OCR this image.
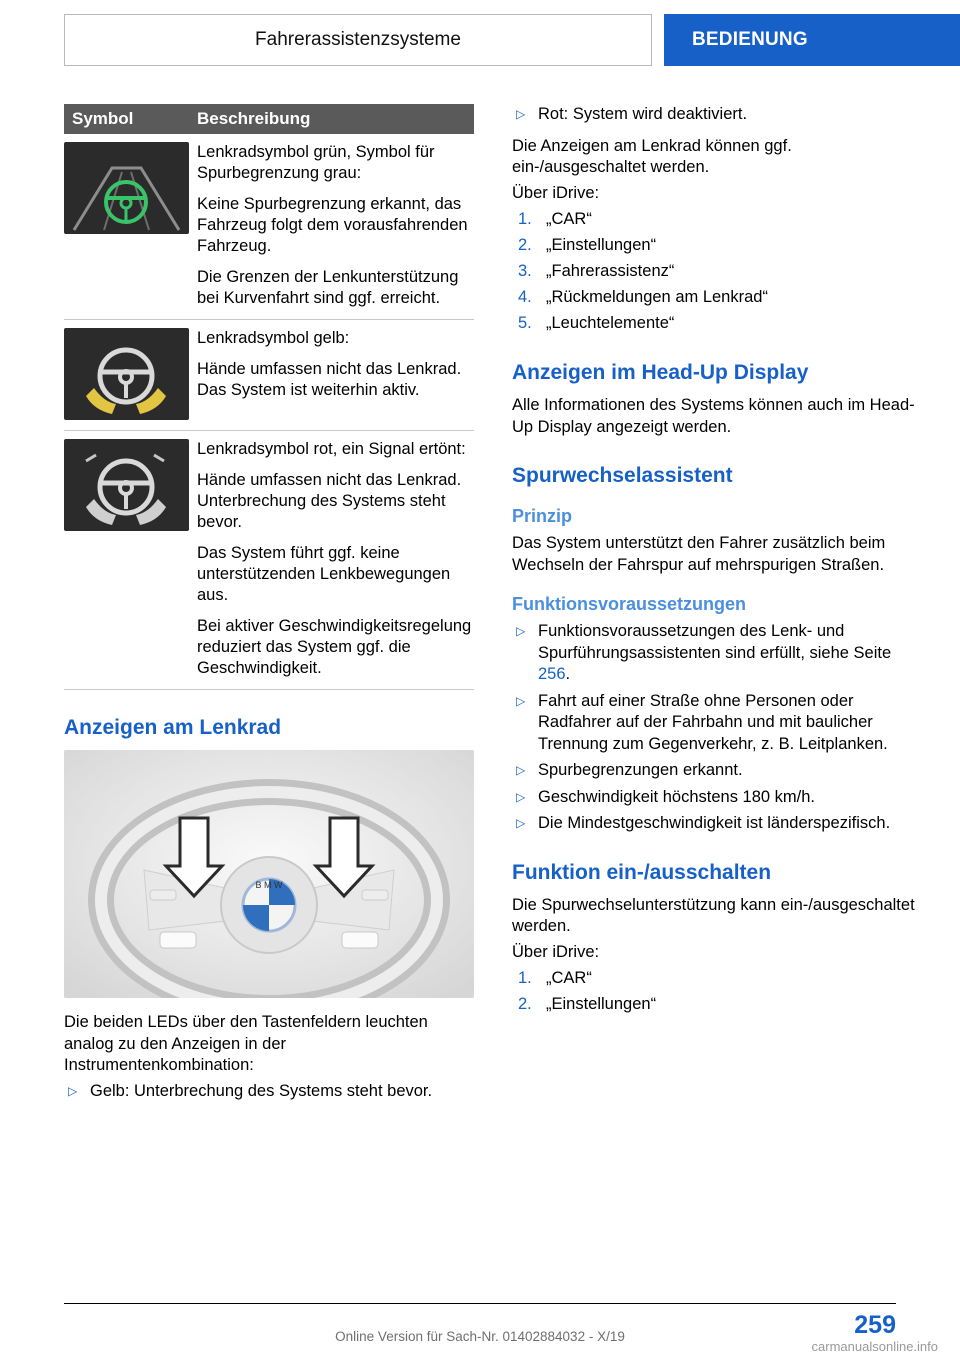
Fahrerassistenzsysteme	BEDIENUNG
Symbol	Beschreibung

Lenkradsymbol grün, Symbol für Spurbegrenzung grau:

Keine Spurbegrenzung erkannt, das Fahrzeug folgt dem vorausfahrenden Fahrzeug.

Die Grenzen der Lenkunterstützung bei Kurvenfahrt sind ggf. erreicht.

Lenkradsymbol gelb:

Hände umfassen nicht das Lenkrad. Das System ist weiterhin aktiv.

Lenkradsymbol rot, ein Signal ertönt:

Hände umfassen nicht das Lenkrad. Unterbrechung des Systems steht bevor.

Das System führt ggf. keine unterstützenden Lenkbewegungen aus.

Bei aktiver Geschwindigkeitsregelung reduziert das System ggf. die Geschwindigkeit.

Anzeigen am Lenkrad
B M W

Die beiden LEDs über den Tastenfeldern leuchten analog zu den Anzeigen in der Instrumentenkombination:

▷ Gelb: Unterbrechung des Systems steht bevor.
▷ Rot: System wird deaktiviert.

Die Anzeigen am Lenkrad können ggf. ein-/ausgeschaltet werden.

Über iDrive:

1. „CAR“
2. „Einstellungen“
3. „Fahrerassistenz“
4. „Rückmeldungen am Lenkrad“
5. „Leuchtelemente“
Anzeigen im Head-Up Display

Alle Informationen des Systems können auch im Head-Up Display angezeigt werden.

Spurwechselassistent
Prinzip

Das System unterstützt den Fahrer zusätzlich beim Wechseln der Fahrspur auf mehrspurigen Straßen.

Funktionsvoraussetzungen
▷ Funktionsvoraussetzungen des Lenk- und Spurführungsassistenten sind erfüllt, siehe Seite 256.
▷ Fahrt auf einer Straße ohne Personen oder Radfahrer auf der Fahrbahn und mit baulicher Trennung zum Gegenverkehr, z. B. Leitplanken.
▷ Spurbegrenzungen erkannt.
▷ Geschwindigkeit höchstens 180 km/h.
▷ Die Mindestgeschwindigkeit ist länderspezifisch.
Funktion ein-/ausschalten

Die Spurwechselunterstützung kann ein-/ausgeschaltet werden.

Über iDrive:

1. „CAR“
2. „Einstellungen“
259
Online Version für Sach-Nr. 01402884032 - X/19
carmanualsonline.info
